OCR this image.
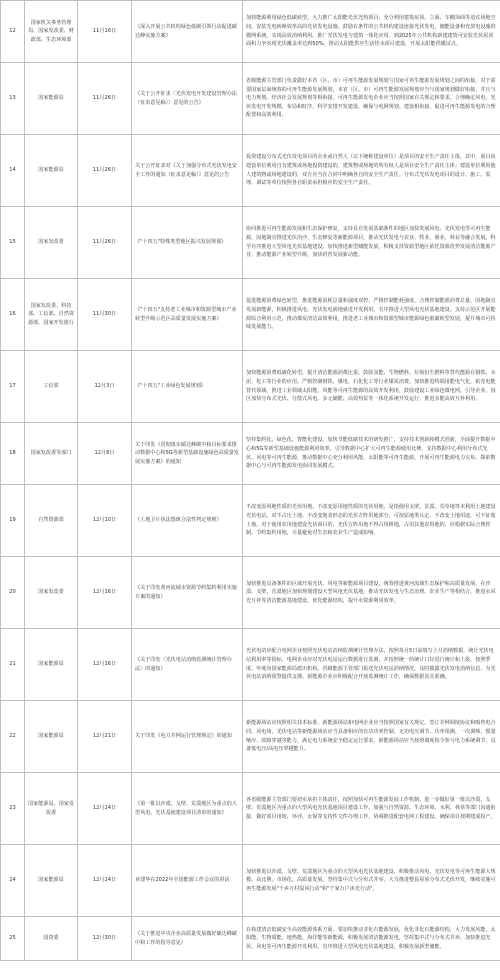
12	国家机关事务管理局、国家发改委、财政部、生态环境部	11月16日	《深入开展公共机构绿色低碳引领行动促进碳达峰实施方案》	加快能源利用绿色低碳转型。大力推广太阳能光伏光热项目，充分利用建筑屋顶、立面、车棚顶面等适宜场地空间，安装光电转换效率高的光伏发电设施。鼓励有条件的公共机构建设连接光伏发电、储能设备和充放电设施的微网系统，实现高效消纳利用。推广光伏发电与建筑一体化应用。到2025年公共机构新建建筑可安装光伏屋顶面积力争实现光伏覆盖率达到50%。推动太阳能供应生活热水项目建设，开展太阳能供暖试点。
13	国家能源局	11月26日	《关于公开征求〈光伏发电开发建设管理办法（征求意见稿）〉意见的公告》	省级能源主管部门负责做好本省（区、市）可再生能源发展规划与国家可再生能源发展规划之间的衔接。对于需要国家层面统筹的可再生能源发展规划，本省（区、市）可再生能源发展规划应当与国家规划做好衔接，并且与电力规划、经济社会发展规划等相衔接。可再生能源发电企业应当按照国家有关规定和要求，合理确定风电、光伏发电开发规模、布局和时序，科学安排开发建设，确保与电网规划、建设相衔接，促进可再生能源发电的合理配置和高效利用。
14	国家能源局	11月26日	关于公开征求对《关于加强分布式光伏发电安全工作的通知（征求意见稿）》意见的公告	投资建设分布式光伏发电项目的企业或自然人（以下统称建设单位）是项目的安全生产责任主体，其中，项目由建设单位利用自有建筑或场地投资建设的，建筑物或场地的所有权人是项目安全生产责任主体；建设单位利用他人建筑物或场地建设的，双方应当在合同中明确各自的安全生产责任。分布式光伏发电项目的设计、施工、监理、调试等单位按照各自职责承担相应的安全生产责任。
15	国家发改委	11月26日	《"十四五"特殊类型地区振兴发展规划》	协同推进可再生能源发展和生态保护修复，支持具有发展基础条件的地区加快发展风电、光伏发电等可再生能源，因地制宜推进光伏治沙、生态修复等新能源项目，推动光伏发电与农业、牧业、渔业、林业等融合发展。科学有序推进大型风电光伏基地建设。加快推进新型储能发展，积极支持资源型地区依托资源优势发展清洁能源产业，推动能源产业转型升级，加快培育发展新动能。
16	国家发改委、科技部、工信部、自然资源部、国家开发银行	11月30日	《"十四五"支持老工业城市和资源型城市产业转型升级示范区高质量发展实施方案》	促进能源消费绿色转型，推进能源消耗总量和强度双控，严格控制能耗强度，合理控制能源消费总量，因地制宜发展新能源，积极推进风电、光伏发电就地就近开发利用。有序推进大型风电光伏基地建设。支持示范区开展能源综合利用示范，推动煤炭清洁高效利用，推进老工业城市和资源型城市能源绿色低碳转型发展，提升城市可持续发展能力。
17	工信部	12月3日	《"十四五"工业绿色发展规划》	加快能源消费低碳化转型。提升清洁能源消费比重，鼓励氢能、生物燃料、垃圾衍生燃料等替代能源在钢铁、水泥、化工等行业的应用。严格控制钢铁、煤电、石化化工等行业煤炭消费。加快推进终端用能电气化，拓宽电能替代领域，推进工业领域太阳能、风能等可再生能源的高效开发利用，鼓励建设工业绿色微电网，引导企业、园区加快分布式光伏、分散式风电、多元储能、高效热泵等一体化系统开发运行，推进多能高效互补利用。
18	国家发改委等部门	12月8日	关于印发《贯彻落实碳达峰碳中和目标要求推动数据中心和5G等新型基础设施绿色高质量发展实施方案》的通知	坚持集约化、绿色化、智能化建设，加快节能低碳技术的研发推广，支持技术创新和模式创新，全面提升数据中心和5G等新型基础设施能源利用效率。引导数据中心扩大可再生能源使用比例，支持数据中心利用分布式光伏、风电等可再生能源，推动数据中心充分利用风能、太阳能等可再生能源，开展可再生能源电力交易，探索数据中心与可再生能源发电协同发展模式。
19	自然资源部	12月10日	《土地卫片执法图斑合法性判定规则》	不改变原用地性质的光伏用地。不改变原用地性质的光伏用地，是指使用戈壁、荒漠、荒草地等未利用土地建设光伏电站，对不占压土地、不改变地表形态的光伏方阵用地部分，可按原地类认定，不改变土地用途，可不征收土地。对于使用农用地建设光伏项目的，光伏方阵用地不得占用耕地，占用其他农用地的，应根据实际合理控制，节约集约用地，尽量避免对生态和农业生产造成影响。
20	国家发改委	12月16日	《关于印发黄河流域水资源节约集约利用实施方案的通知》	加快推进具备条件的区域开展光伏、风电等新能源项目建设，统筹推进黄河流域生态保护和高质量发展，在沙漠、戈壁、荒漠地区加快规划建设大型风电光伏基地，推动光伏发电与生态治理、农业生产等相结合，推进水风光互补等清洁能源基地建设，优化能源结构，提升水资源利用效率。
21	国家能源局	12月16日	《关于印发〈光伏电站消纳监测统计管理办法〉的通知》	光伏电站应配合电网企业按照光伏电站消纳监测统计管理办法，按照每月5日前填写上月消纳数据，统计光伏电站利用率等指标。电网企业应对光伏电站运行数据进行监测，并按照统一的统计口径进行统计和上报，按照季度、年度向国家能源局派出机构、省级能源主管部门报送光伏电站消纳情况，及时披露光伏发电消纳信息，为光伏电站消纳预警提供支撑。新能源企业应积极配合开展监测统计工作，确保数据真实准确。
22	国家能源局	12月21日	关于印发《电力并网运行管理规定》的通知	新能源场站应按照相关技术标准，新能源场站和电网企业应当按照国家有关规定，签订并网调度协议和购售电合同。风电场、光伏电站等新能源场站应当具备相应的有功功率控制、无功电压调节、功率预测、一次调频、惯量响应、故障穿越等能力，满足电力系统安全稳定运行要求。新能源场站应当按照调度指令参与电力系统调节，具备低电压/高电压穿越能力。
23	国家能源局、国家发改委	12月24日	《第一批以沙漠、戈壁、荒漠地区为重点的大型风电、光伏基地建设项目清单的通知》	各省级能源主管部门要切实承担主体责任，按照加快可再生能源发展工作机制，进一步做好第一批以沙漠、戈壁、荒漠地区为重点的大型风电光伏基地项目建设工作。加强与自然资源、生态环境、水利、林草等部门沟通衔接，做好项目用地、环评、水保等支持性文件办理工作，协调推进配套电网工程建设，确保项目按期建成投产。
24	国家能源局	12月24日	章建华在2022年全国能源工作会议的讲话	加快推进以沙漠、戈壁、荒漠地区为重点的大型风电光伏基地建设，积极推动风电、光伏发电等可再生能源大规模、高比例、市场化、高质量发展。坚持集中式与分布式并举，大力推进整县屋顶分布式光伏开发，继续实施可再生能源发展"千乡万村驭风行动"和"千家万户沐光行动"。
25	国资委	12月30日	《关于推进中央企业高质量发展做好碳达峰碳中和工作的指导意见》	在构建清洁低碳安全高效能源体系方面，要加快推动非化石能源发展，优化非化石能源结构，大力发展风能、太阳能、生物质能、地热能、海洋能等新能源，积极发展清洁能源发电，坚持集中式与分布式并举，加快推进光伏、风电等可再生能源开发利用，有序推进大型风电光伏基地建设，积极发展新型储能。
